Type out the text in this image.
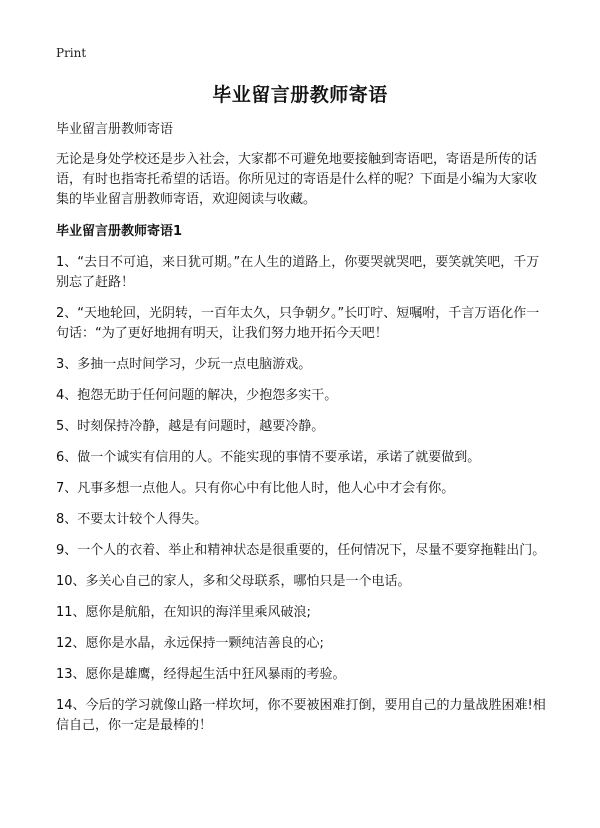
Print
毕业留言册教师寄语

毕业留言册教师寄语

无论是身处学校还是步入社会，大家都不可避免地要接触到寄语吧，寄语是所传的话语，有时也指寄托希望的话语。你所见过的寄语是什么样的呢？下面是小编为大家收集的毕业留言册教师寄语，欢迎阅读与收藏。

毕业留言册教师寄语1

1、“去日不可追，来日犹可期。”在人生的道路上，你要哭就哭吧，要笑就笑吧，千万别忘了赶路！
2、“天地轮回，光阴转，一百年太久，只争朝夕。”长叮咛、短嘱咐，千言万语化作一句话：“为了更好地拥有明天，让我们努力地开拓今天吧！
3、多抽一点时间学习，少玩一点电脑游戏。
4、抱怨无助于任何问题的解决，少抱怨多实干。
5、时刻保持冷静，越是有问题时，越要冷静。
6、做一个诚实有信用的人。不能实现的事情不要承诺，承诺了就要做到。
7、凡事多想一点他人。只有你心中有比他人时，他人心中才会有你。
8、不要太计较个人得失。
9、一个人的衣着、举止和精神状态是很重要的，任何情况下，尽量不要穿拖鞋出门。
10、多关心自己的家人，多和父母联系，哪怕只是一个电话。
11、愿你是航船，在知识的海洋里乘风破浪;
12、愿你是水晶，永远保持一颗纯洁善良的心;
13、愿你是雄鹰，经得起生活中狂风暴雨的考验。
14、今后的学习就像山路一样坎坷，你不要被困难打倒，要用自己的力量战胜困难!相信自己，你一定是最棒的！
